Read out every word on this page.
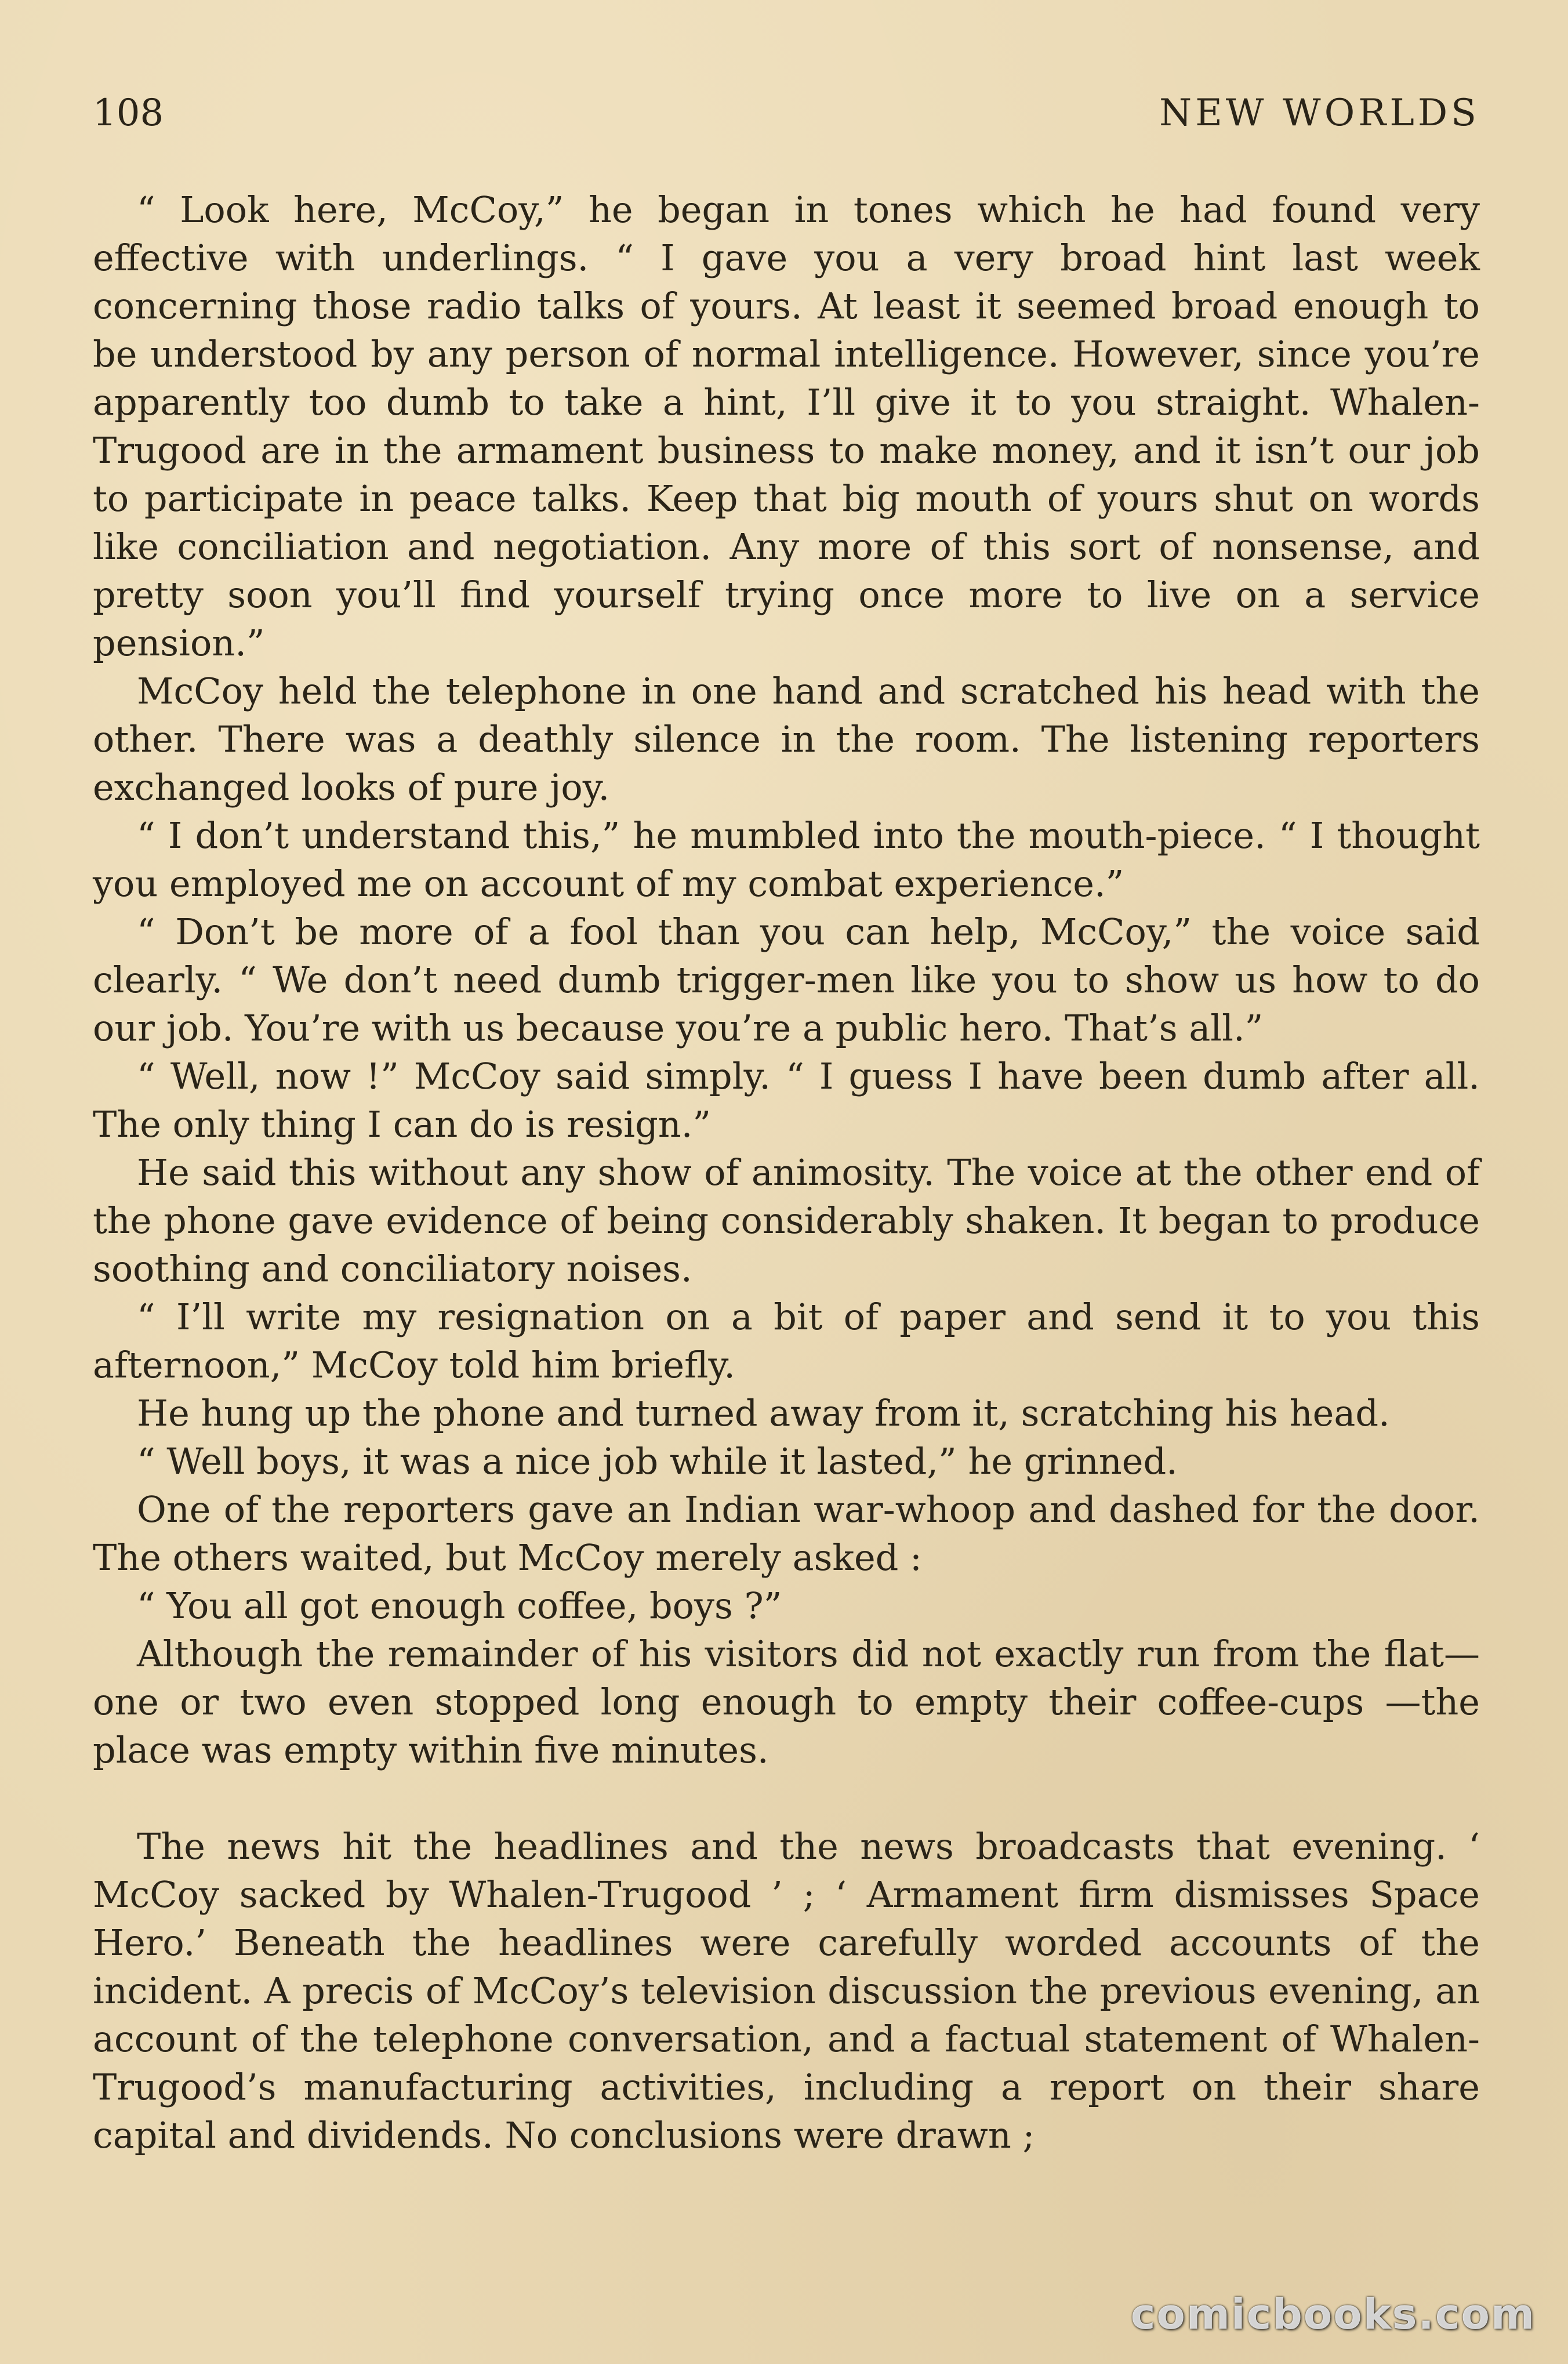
108	NEW WORLDS

“ Look here, McCoy,” he began in tones which he had found very effective with underlings. “ I gave you a very broad hint last week concerning those radio talks of yours. At least it seemed broad enough to be understood by any person of normal intelligence. However, since you’re apparently too dumb to take a hint, I’ll give it to you straight. Whalen-Trugood are in the armament business to make money, and it isn’t our job to participate in peace talks. Keep that big mouth of yours shut on words like conciliation and negotiation. Any more of this sort of nonsense, and pretty soon you’ll find yourself trying once more to live on a service pension.”

McCoy held the telephone in one hand and scratched his head with the other. There was a deathly silence in the room. The listening reporters exchanged looks of pure joy.

“ I don’t understand this,” he mumbled into the mouth-piece. “ I thought you employed me on account of my combat experience.”

“ Don’t be more of a fool than you can help, McCoy,” the voice said clearly. “ We don’t need dumb trigger-men like you to show us how to do our job. You’re with us because you’re a public hero. That’s all.”

“ Well, now !” McCoy said simply. “ I guess I have been dumb after all. The only thing I can do is resign.”

He said this without any show of animosity. The voice at the other end of the phone gave evidence of being considerably shaken. It began to produce soothing and conciliatory noises.

“ I’ll write my resignation on a bit of paper and send it to you this afternoon,” McCoy told him briefly.

He hung up the phone and turned away from it, scratching his head.

“ Well boys, it was a nice job while it lasted,” he grinned.

One of the reporters gave an Indian war-whoop and dashed for the door. The others waited, but McCoy merely asked :

“ You all got enough coffee, boys ?”

Although the remainder of his visitors did not exactly run from the flat—one or two even stopped long enough to empty their coffee-cups —the place was empty within five minutes.

The news hit the headlines and the news broadcasts that evening. ‘ McCoy sacked by Whalen-Trugood ’ ; ‘ Armament firm dismisses Space Hero.’ Beneath the headlines were carefully worded accounts of the incident. A precis of McCoy’s television discussion the previous evening, an account of the telephone conversation, and a factual statement of Whalen-Trugood’s manufacturing activities, including a report on their share capital and dividends. No conclusions were drawn ;

comicbooks.com
